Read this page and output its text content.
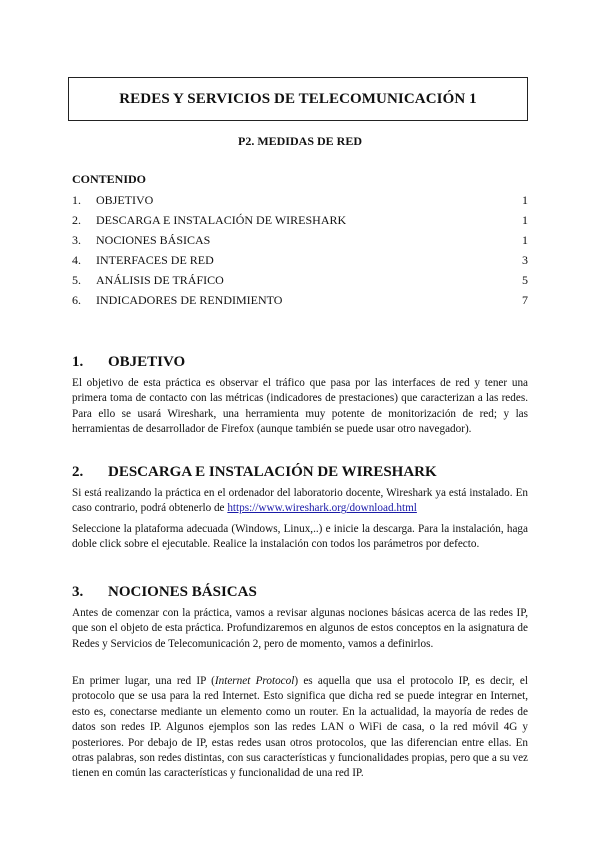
REDES Y SERVICIOS DE TELECOMUNICACIÓN 1
P2. MEDIDAS DE RED
CONTENIDO
1.	OBJETIVO	1
2.	DESCARGA E INSTALACIÓN DE WIRESHARK	1
3.	NOCIONES BÁSICAS	1
4.	INTERFACES DE RED	3
5.	ANÁLISIS DE TRÁFICO	5
6.	INDICADORES DE RENDIMIENTO	7
1.	OBJETIVO
El objetivo de esta práctica es observar el tráfico que pasa por las interfaces de red y tener una primera toma de contacto con las métricas (indicadores de prestaciones) que caracterizan a las redes. Para ello se usará Wireshark, una herramienta muy potente de monitorización de red; y las herramientas de desarrollador de Firefox (aunque también se puede usar otro navegador).
2.	DESCARGA E INSTALACIÓN DE WIRESHARK
Si está realizando la práctica en el ordenador del laboratorio docente, Wireshark ya está instalado. En caso contrario, podrá obtenerlo de https://www.wireshark.org/download.html
Seleccione la plataforma adecuada (Windows, Linux,..) e inicie la descarga. Para la instalación, haga doble click sobre el ejecutable. Realice la instalación con todos los parámetros por defecto.
3.	NOCIONES BÁSICAS
Antes de comenzar con la práctica, vamos a revisar algunas nociones básicas acerca de las redes IP, que son el objeto de esta práctica. Profundizaremos en algunos de estos conceptos en la asignatura de Redes y Servicios de Telecomunicación 2, pero de momento, vamos a definirlos.
En primer lugar, una red IP (Internet Protocol) es aquella que usa el protocolo IP, es decir, el protocolo que se usa para la red Internet. Esto significa que dicha red se puede integrar en Internet, esto es, conectarse mediante un elemento como un router. En la actualidad, la mayoría de redes de datos son redes IP. Algunos ejemplos son las redes LAN o WiFi de casa, o la red móvil 4G y posteriores. Por debajo de IP, estas redes usan otros protocolos, que las diferencian entre ellas. En otras palabras, son redes distintas, con sus características y funcionalidades propias, pero que a su vez tienen en común las características y funcionalidad de una red IP.
